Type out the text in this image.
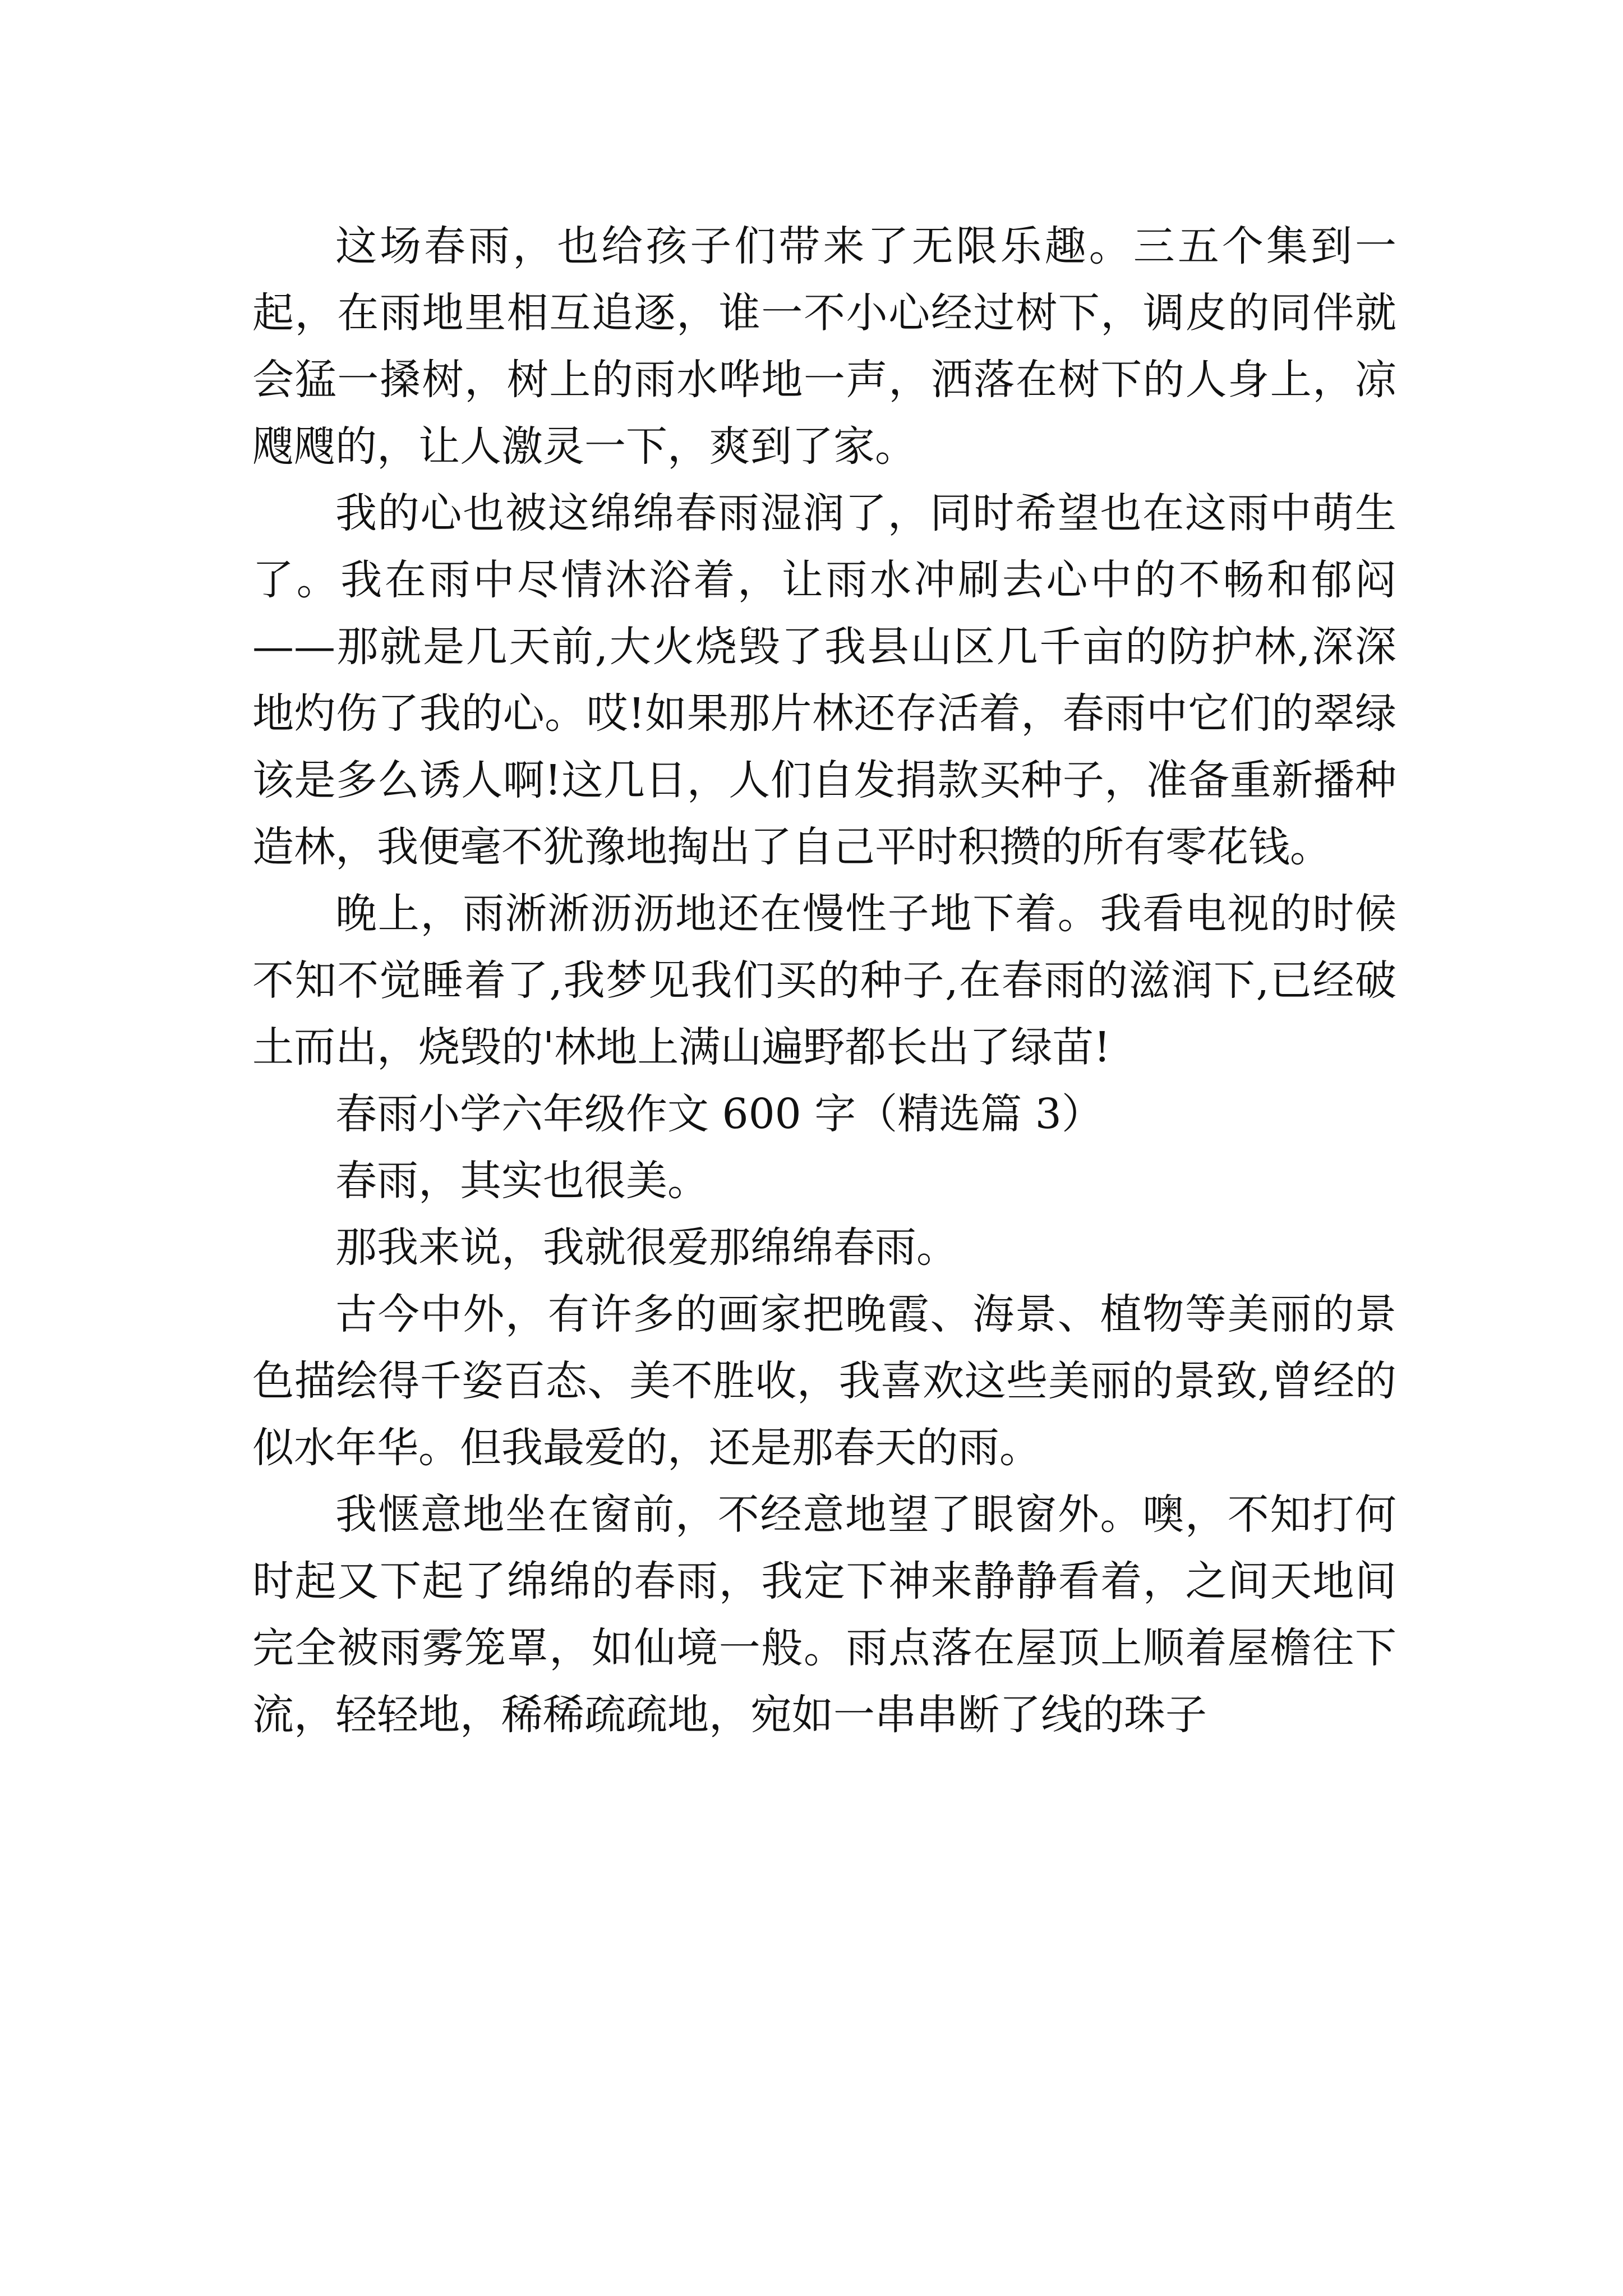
这场春雨，也给孩子们带来了无限乐趣。三五个集到一起，在雨地里相互追逐，谁一不小心经过树下，调皮的同伴就会猛一搡树，树上的雨水哗地一声，洒落在树下的人身上，凉飕飕的，让人激灵一下，爽到了家。

我的心也被这绵绵春雨湿润了，同时希望也在这雨中萌生了。我在雨中尽情沐浴着，让雨水冲刷去心中的不畅和郁闷——那就是几天前,大火烧毁了我县山区几千亩的防护林,深深地灼伤了我的心。哎!如果那片林还存活着，春雨中它们的翠绿该是多么诱人啊!这几日，人们自发捐款买种子，准备重新播种造林，我便毫不犹豫地掏出了自己平时积攒的所有零花钱。

晚上，雨淅淅沥沥地还在慢性子地下着。我看电视的时候不知不觉睡着了,我梦见我们买的种子,在春雨的滋润下,已经破土而出，烧毁的'林地上满山遍野都长出了绿苗!

春雨小学六年级作文 600 字（精选篇 3）

春雨，其实也很美。

那我来说，我就很爱那绵绵春雨。

古今中外，有许多的画家把晚霞、海景、植物等美丽的景色描绘得千姿百态、美不胜收，我喜欢这些美丽的景致,曾经的似水年华。但我最爱的，还是那春天的雨。

我惬意地坐在窗前，不经意地望了眼窗外。噢，不知打何时起又下起了绵绵的春雨，我定下神来静静看着，之间天地间完全被雨雾笼罩，如仙境一般。雨点落在屋顶上顺着屋檐往下流，轻轻地，稀稀疏疏地，宛如一串串断了线的珠子
